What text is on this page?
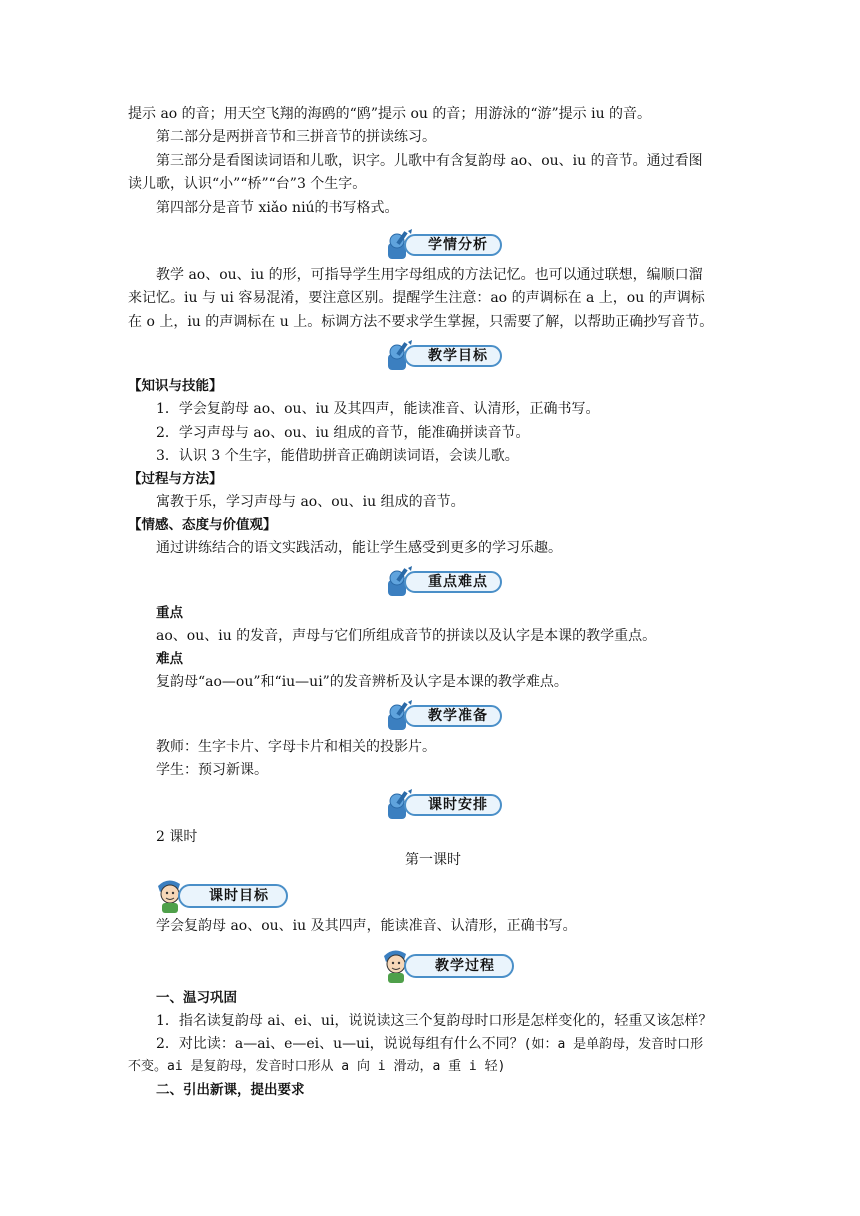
提示 ao 的音；用天空飞翔的海鸥的“鸥”提示 ou 的音；用游泳的“游”提示 iu 的音。
第二部分是两拼音节和三拼音节的拼读练习。
第三部分是看图读词语和儿歌，识字。儿歌中有含复韵母 ao、ou、iu 的音节。通过看图
读儿歌，认识“小”“桥”“台”3 个生字。
第四部分是音节 xiǎo niú的书写格式。
学情分析
教学 ao、ou、iu 的形，可指导学生用字母组成的方法记忆。也可以通过联想，编顺口溜
来记忆。iu 与 ui 容易混淆，要注意区别。提醒学生注意：ao 的声调标在 a 上，ou 的声调标
在 o 上，iu 的声调标在 u 上。标调方法不要求学生掌握，只需要了解，以帮助正确抄写音节。
教学目标
【知识与技能】
1．学会复韵母 ao、ou、iu 及其四声，能读准音、认清形，正确书写。
2．学习声母与 ao、ou、iu 组成的音节，能准确拼读音节。
3．认识 3 个生字，能借助拼音正确朗读词语，会读儿歌。
【过程与方法】
寓教于乐，学习声母与 ao、ou、iu 组成的音节。
【情感、态度与价值观】
通过讲练结合的语文实践活动，能让学生感受到更多的学习乐趣。
重点难点
重点
ao、ou、iu 的发音，声母与它们所组成音节的拼读以及认字是本课的教学重点。
难点
复韵母“ao—ou”和“iu—ui”的发音辨析及认字是本课的教学难点。
教学准备
教师：生字卡片、字母卡片和相关的投影片。
学生：预习新课。
课时安排
2 课时
第一课时
课时目标
学会复韵母 ao、ou、iu 及其四声，能读准音、认清形，正确书写。
教学过程
一、温习巩固
1．指名读复韵母 ai、ei、ui，说说读这三个复韵母时口形是怎样变化的，轻重又该怎样？
2．对比读：a—ai、e—ei、u—ui，说说每组有什么不同？(如：a 是单韵母，发音时口形
不变。ai 是复韵母，发音时口形从 a 向 i 滑动，a 重 i 轻)
二、引出新课，提出要求
